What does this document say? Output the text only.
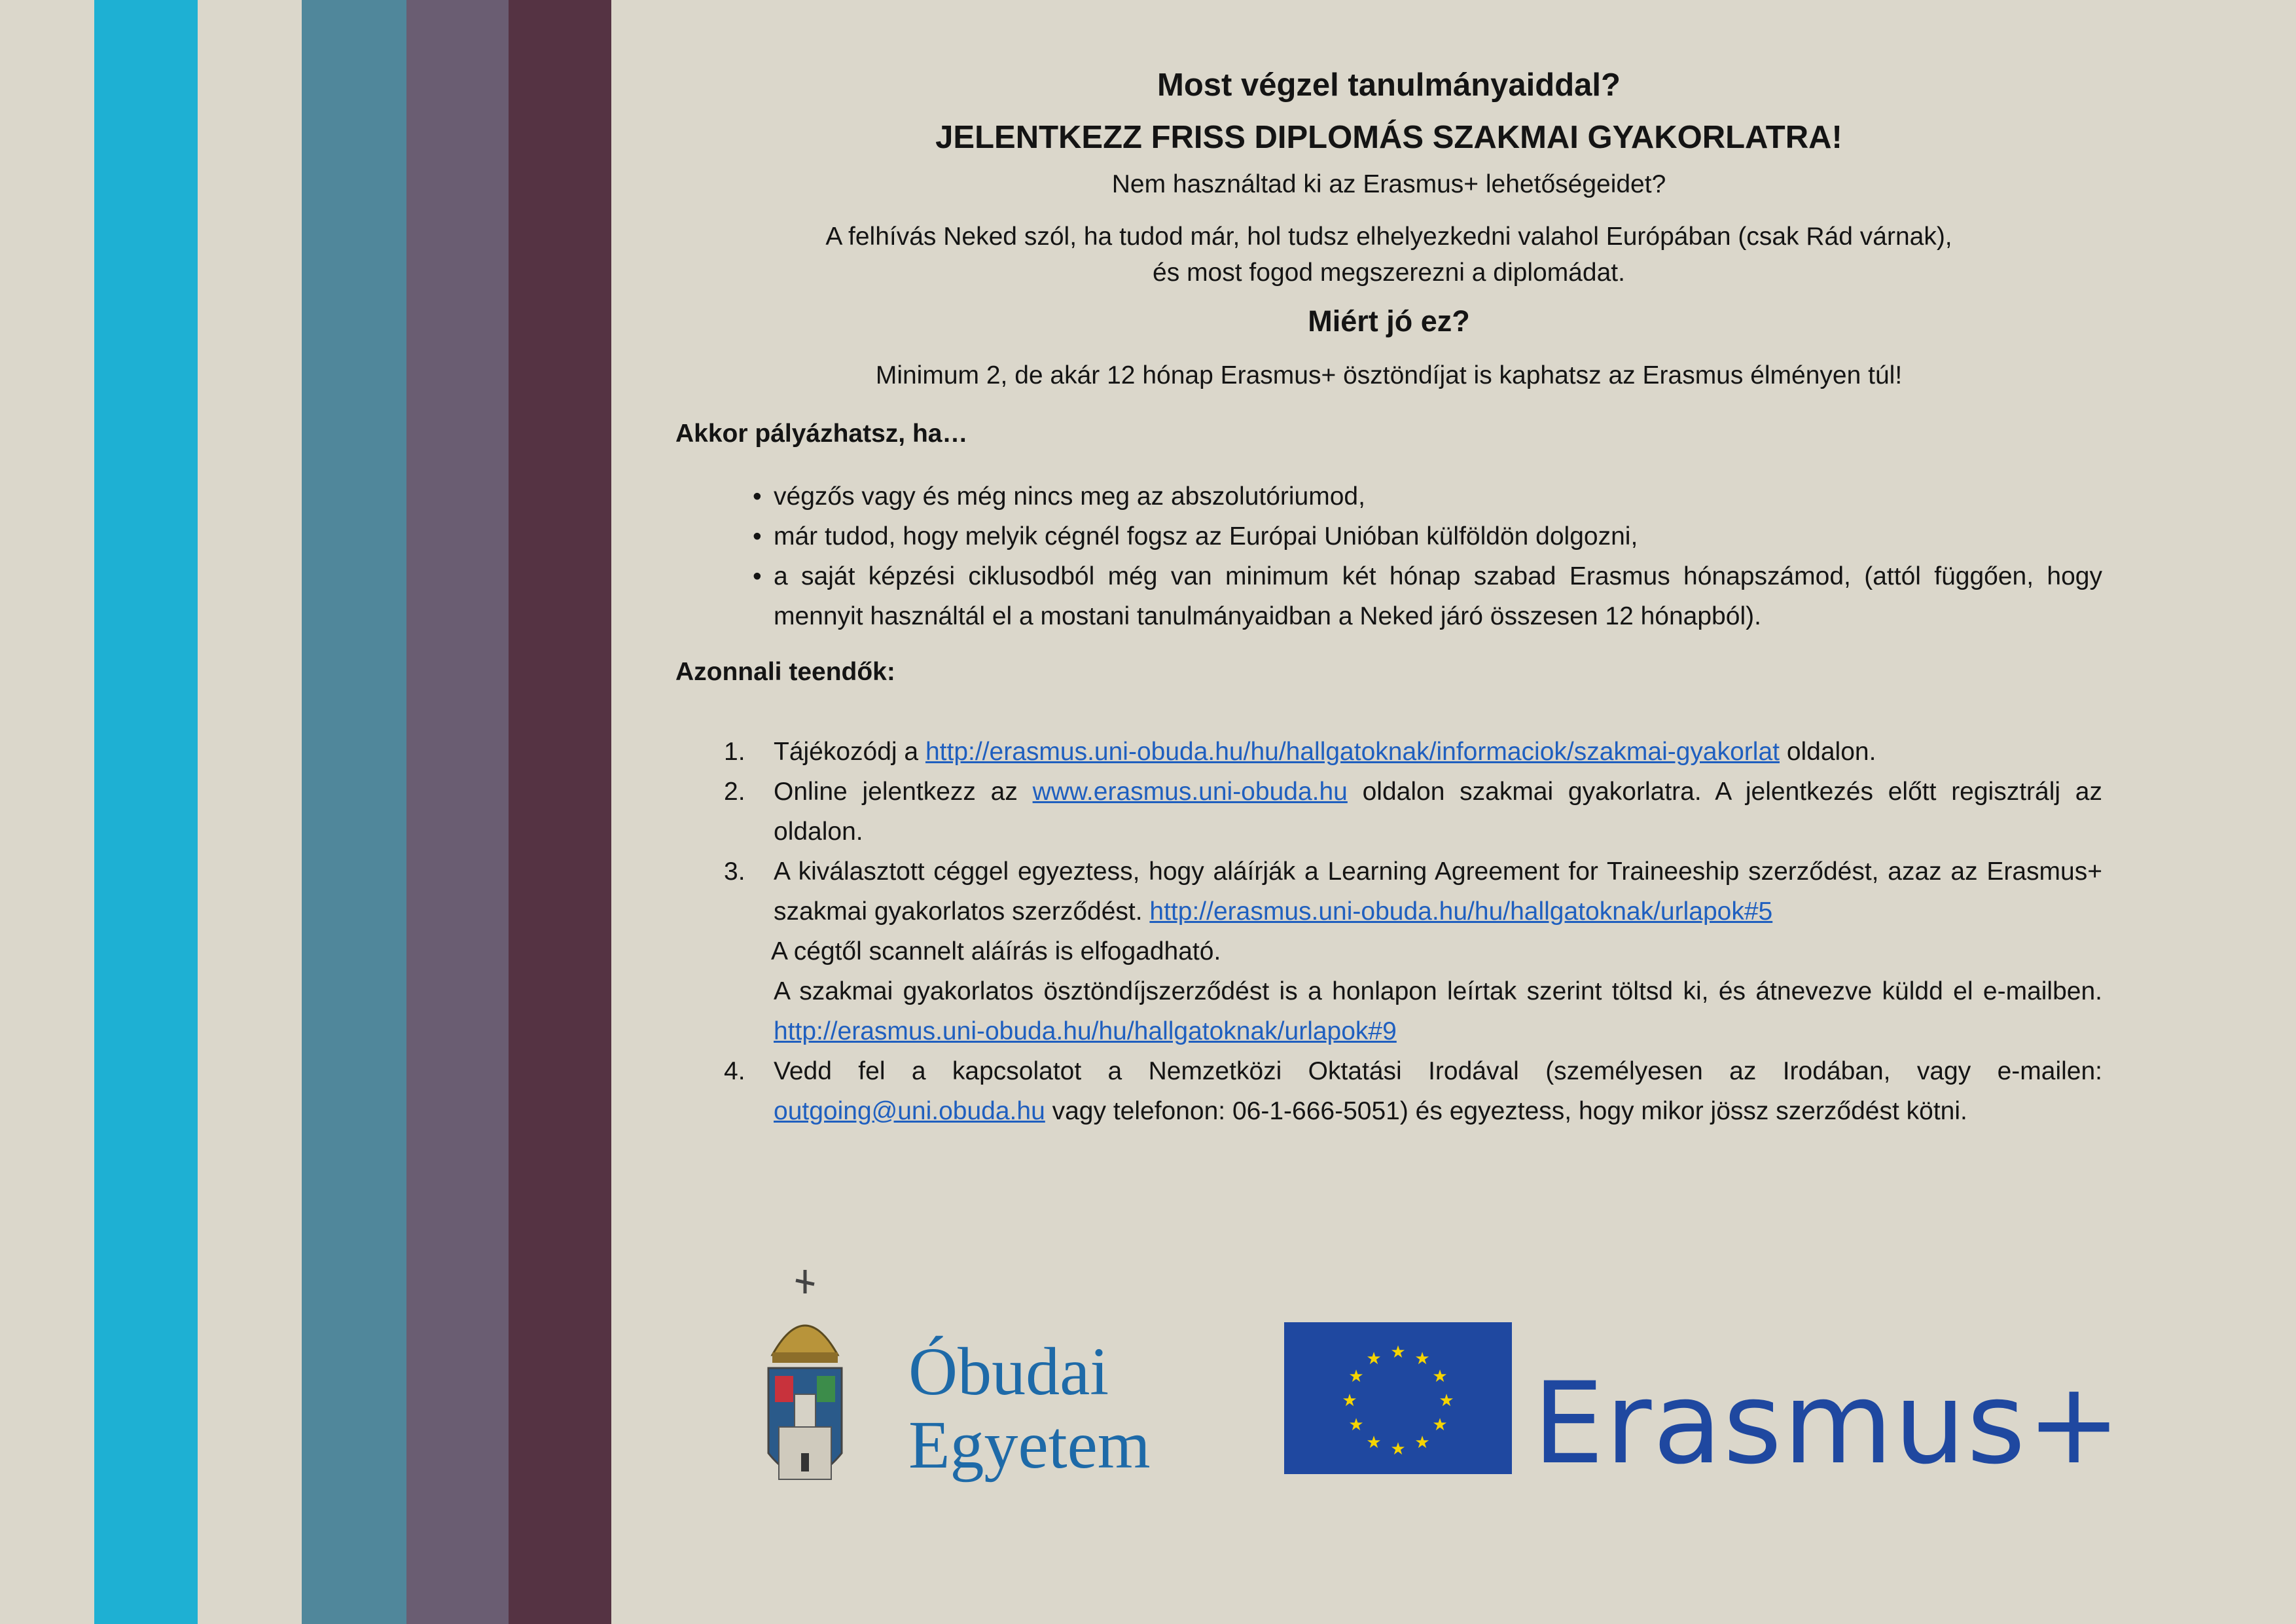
Most végzel tanulmányaiddal?

JELENTKEZZ FRISS DIPLOMÁS SZAKMAI GYAKORLATRA!

Nem használtad ki az Erasmus+ lehetőségeidet?

A felhívás Neked szól, ha tudod már, hol tudsz elhelyezkedni valahol Európában (csak Rád várnak),

és most fogod megszerezni a diplomádat.

Miért jó ez?

Minimum 2, de akár 12 hónap Erasmus+ ösztöndíjat is kaphatsz az Erasmus élményen túl!

Akkor pályázhatsz, ha…

• végzős vagy és még nincs meg az abszolutóriumod,
• már tudod, hogy melyik cégnél fogsz az Európai Unióban külföldön dolgozni,
• a saját képzési ciklusodból még van minimum két hónap szabad Erasmus hónapszámod, (attól függően, hogy mennyit használtál el a mostani tanulmányaidban a Neked járó összesen 12 hónapból).

Azonnali teendők:

1. Tájékozódj a http://erasmus.uni-obuda.hu/hu/hallgatoknak/informaciok/szakmai-gyakorlat oldalon.
2. Online jelentkezz az www.erasmus.uni-obuda.hu oldalon szakmai gyakorlatra. A jelentkezés előtt regisztrálj az oldalon.
3. A kiválasztott céggel egyeztess, hogy aláírják a Learning Agreement for Traineeship szerződést, azaz az Erasmus+ szakmai gyakorlatos szerződést. http://erasmus.uni-obuda.hu/hu/hallgatoknak/urlapok#5
A cégtől scannelt aláírás is elfogadható.
A szakmai gyakorlatos ösztöndíjszerződést is a honlapon leírtak szerint töltsd ki, és átnevezve küldd el e-mailben. http://erasmus.uni-obuda.hu/hu/hallgatoknak/urlapok#9
4. Vedd fel a kapcsolatot a Nemzetközi Oktatási Irodával (személyesen az Irodában, vagy e-mailen: outgoing@uni.obuda.hu vagy telefonon: 06-1-666-5051) és egyeztess, hogy mikor jössz szerződést kötni.
Óbudai
Egyetem
★ ★
★
★
★
★
★
★
★
★
★
★ Erasmus+
